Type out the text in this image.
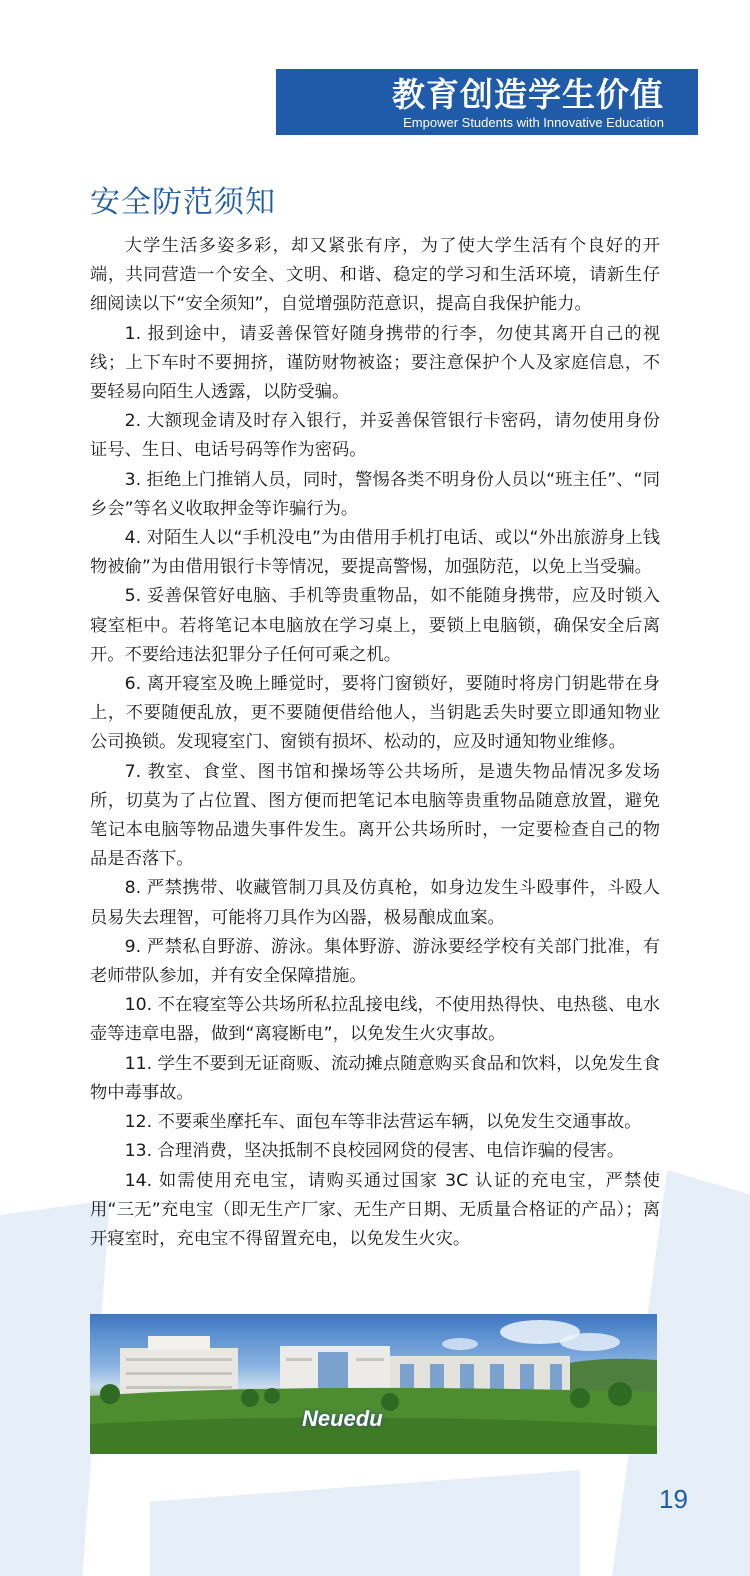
教育创造学生价值
Empower Students with Innovative Education
安全防范须知

大学生活多姿多彩，却又紧张有序，为了使大学生活有个良好的开端，共同营造一个安全、文明、和谐、稳定的学习和生活环境，请新生仔细阅读以下“安全须知”，自觉增强防范意识，提高自我保护能力。

1. 报到途中，请妥善保管好随身携带的行李，勿使其离开自己的视线；上下车时不要拥挤，谨防财物被盗；要注意保护个人及家庭信息，不要轻易向陌生人透露，以防受骗。

2. 大额现金请及时存入银行，并妥善保管银行卡密码，请勿使用身份证号、生日、电话号码等作为密码。

3. 拒绝上门推销人员，同时，警惕各类不明身份人员以“班主任”、“同乡会”等名义收取押金等诈骗行为。

4. 对陌生人以“手机没电”为由借用手机打电话、或以“外出旅游身上钱物被偷”为由借用银行卡等情况，要提高警惕，加强防范，以免上当受骗。

5. 妥善保管好电脑、手机等贵重物品，如不能随身携带，应及时锁入寝室柜中。若将笔记本电脑放在学习桌上，要锁上电脑锁，确保安全后离开。不要给违法犯罪分子任何可乘之机。

6. 离开寝室及晚上睡觉时，要将门窗锁好，要随时将房门钥匙带在身上，不要随便乱放，更不要随便借给他人，当钥匙丢失时要立即通知物业公司换锁。发现寝室门、窗锁有损坏、松动的，应及时通知物业维修。

7. 教室、食堂、图书馆和操场等公共场所，是遗失物品情况多发场所，切莫为了占位置、图方便而把笔记本电脑等贵重物品随意放置，避免笔记本电脑等物品遗失事件发生。离开公共场所时，一定要检查自己的物品是否落下。

8. 严禁携带、收藏管制刀具及仿真枪，如身边发生斗殴事件，斗殴人员易失去理智，可能将刀具作为凶器，极易酿成血案。

9. 严禁私自野游、游泳。集体野游、游泳要经学校有关部门批准，有老师带队参加，并有安全保障措施。

10. 不在寝室等公共场所私拉乱接电线，不使用热得快、电热毯、电水壶等违章电器，做到“离寝断电”，以免发生火灾事故。

11. 学生不要到无证商贩、流动摊点随意购买食品和饮料，以免发生食物中毒事故。

12. 不要乘坐摩托车、面包车等非法营运车辆，以免发生交通事故。

13. 合理消费，坚决抵制不良校园网贷的侵害、电信诈骗的侵害。

14. 如需使用充电宝，请购买通过国家 3C 认证的充电宝，严禁使用“三无”充电宝（即无生产厂家、无生产日期、无质量合格证的产品）；离开寝室时，充电宝不得留置充电，以免发生火灾。

Neuedu
19
